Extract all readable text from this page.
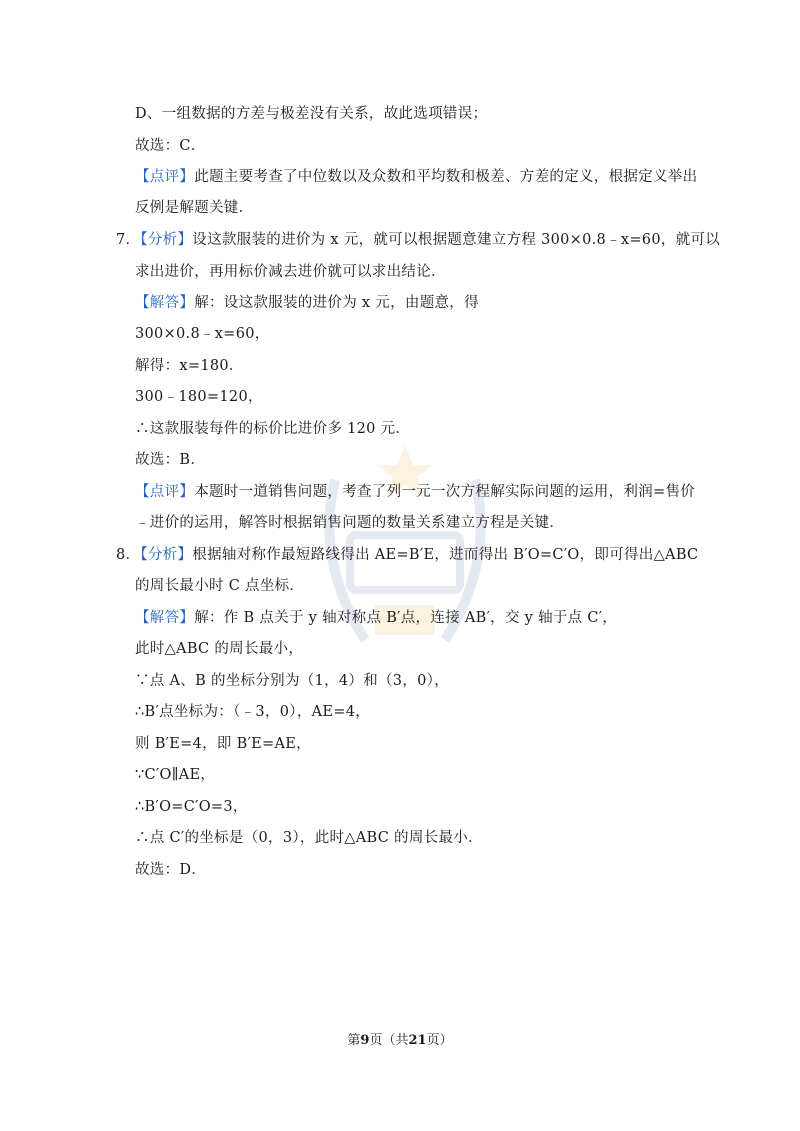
D、一组数据的方差与极差没有关系，故此选项错误；
故选：C．
【点评】此题主要考查了中位数以及众数和平均数和极差、方差的定义，根据定义举出
反例是解题关键．
7．【分析】设这款服装的进价为 x 元，就可以根据题意建立方程 300×0.8﹣x=60，就可以
求出进价，再用标价减去进价就可以求出结论．
【解答】解：设这款服装的进价为 x 元，由题意，得
300×0.8﹣x=60，
解得：x=180．
300﹣180=120，
∴这款服装每件的标价比进价多 120 元．
故选：B．
【点评】本题时一道销售问题，考查了列一元一次方程解实际问题的运用，利润=售价
﹣进价的运用，解答时根据销售问题的数量关系建立方程是关键．
8．【分析】根据轴对称作最短路线得出 AE=B′E，进而得出 B′O=C′O，即可得出△ABC
的周长最小时 C 点坐标．
【解答】解：作 B 点关于 y 轴对称点 B′点，连接 AB′，交 y 轴于点 C′，
此时△ABC 的周长最小，
∵点 A、B 的坐标分别为（1，4）和（3，0），
∴B′点坐标为：（﹣3，0），AE=4，
则 B′E=4，即 B′E=AE，
∵C′O∥AE，
∴B′O=C′O=3，
∴点 C′的坐标是（0，3），此时△ABC 的周长最小．
故选：D．
第9页（共21页）
